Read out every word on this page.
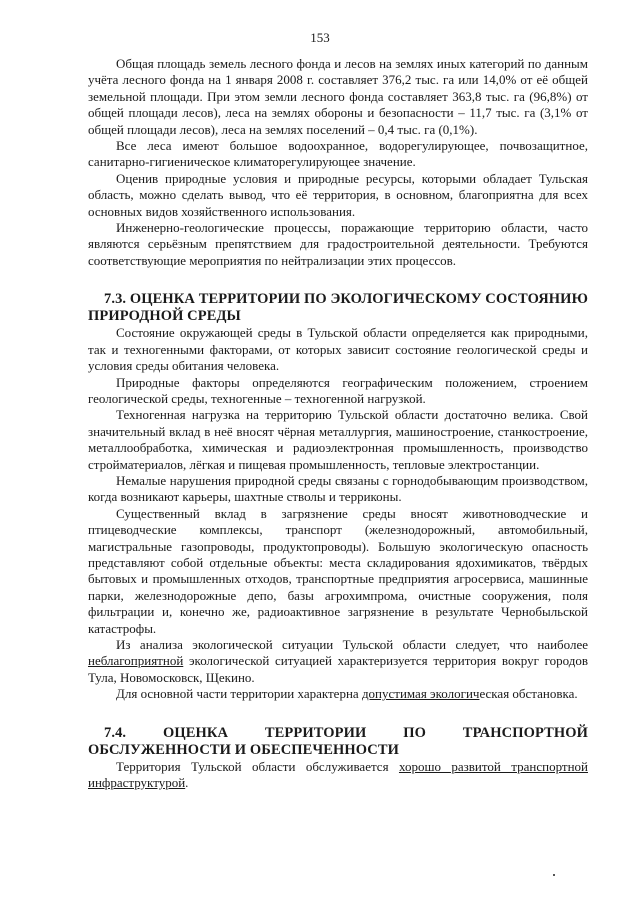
153

Общая площадь земель лесного фонда и лесов на землях иных категорий по данным учёта лесного фонда на 1 января 2008 г. составляет 376,2 тыс. га или 14,0% от её общей земельной площади. При этом земли лесного фонда составляет 363,8 тыс. га (96,8%) от общей площади лесов), леса на землях обороны и безопасности – 11,7 тыс. га (3,1% от общей площади лесов), леса на землях поселений – 0,4 тыс. га (0,1%).

Все леса имеют большое водоохранное, водорегулирующее, почвозащитное, санитарно-гигиеническое климаторегулирующее значение.

Оценив природные условия и природные ресурсы, которыми обладает Тульская область, можно сделать вывод, что её территория, в основном, благоприятна для всех основных видов хозяйственного использования.

Инженерно-геологические процессы, поражающие территорию области, часто являются серьёзным препятствием для градостроительной деятельности. Требуются соответствующие мероприятия по нейтрализации этих процессов.

7.3. ОЦЕНКА ТЕРРИТОРИИ ПО ЭКОЛОГИЧЕСКОМУ СОСТОЯНИЮ ПРИРОДНОЙ СРЕДЫ

Состояние окружающей среды в Тульской области определяется как природными, так и техногенными факторами, от которых зависит состояние геологической среды и условия среды обитания человека.

Природные факторы определяются географическим положением, строением геологической среды, техногенные – техногенной нагрузкой.

Техногенная нагрузка на территорию Тульской области достаточно велика. Свой значительный вклад в неё вносят чёрная металлургия, машиностроение, станкостроение, металлообработка, химическая и радиоэлектронная промышленность, производство стройматериалов, лёгкая и пищевая промышленность, тепловые электростанции.

Немалые нарушения природной среды связаны с горнодобывающим производством, когда возникают карьеры, шахтные стволы и терриконы.

Существенный вклад в загрязнение среды вносят животноводческие и птицеводческие комплексы, транспорт (железнодорожный, автомобильный, магистральные газопроводы, продуктопроводы). Большую экологическую опасность представляют собой отдельные объекты: места складирования ядохимикатов, твёрдых бытовых и промышленных отходов, транспортные предприятия агросервиса, машинные парки, железнодорожные депо, базы агрохимпрома, очистные сооружения, поля фильтрации и, конечно же, радиоактивное загрязнение в результате Чернобыльской катастрофы.

Из анализа экологической ситуации Тульской области следует, что наиболее неблагоприятной экологической ситуацией характеризуется территория вокруг городов Тула, Новомосковск, Щекино.

Для основной части территории характерна допустимая экологическая обстановка.

7.4. ОЦЕНКА ТЕРРИТОРИИ ПО ТРАНСПОРТНОЙ ОБСЛУЖЕННОСТИ И ОБЕСПЕЧЕННОСТИ

Территория Тульской области обслуживается хорошо развитой транспортной инфраструктурой.
